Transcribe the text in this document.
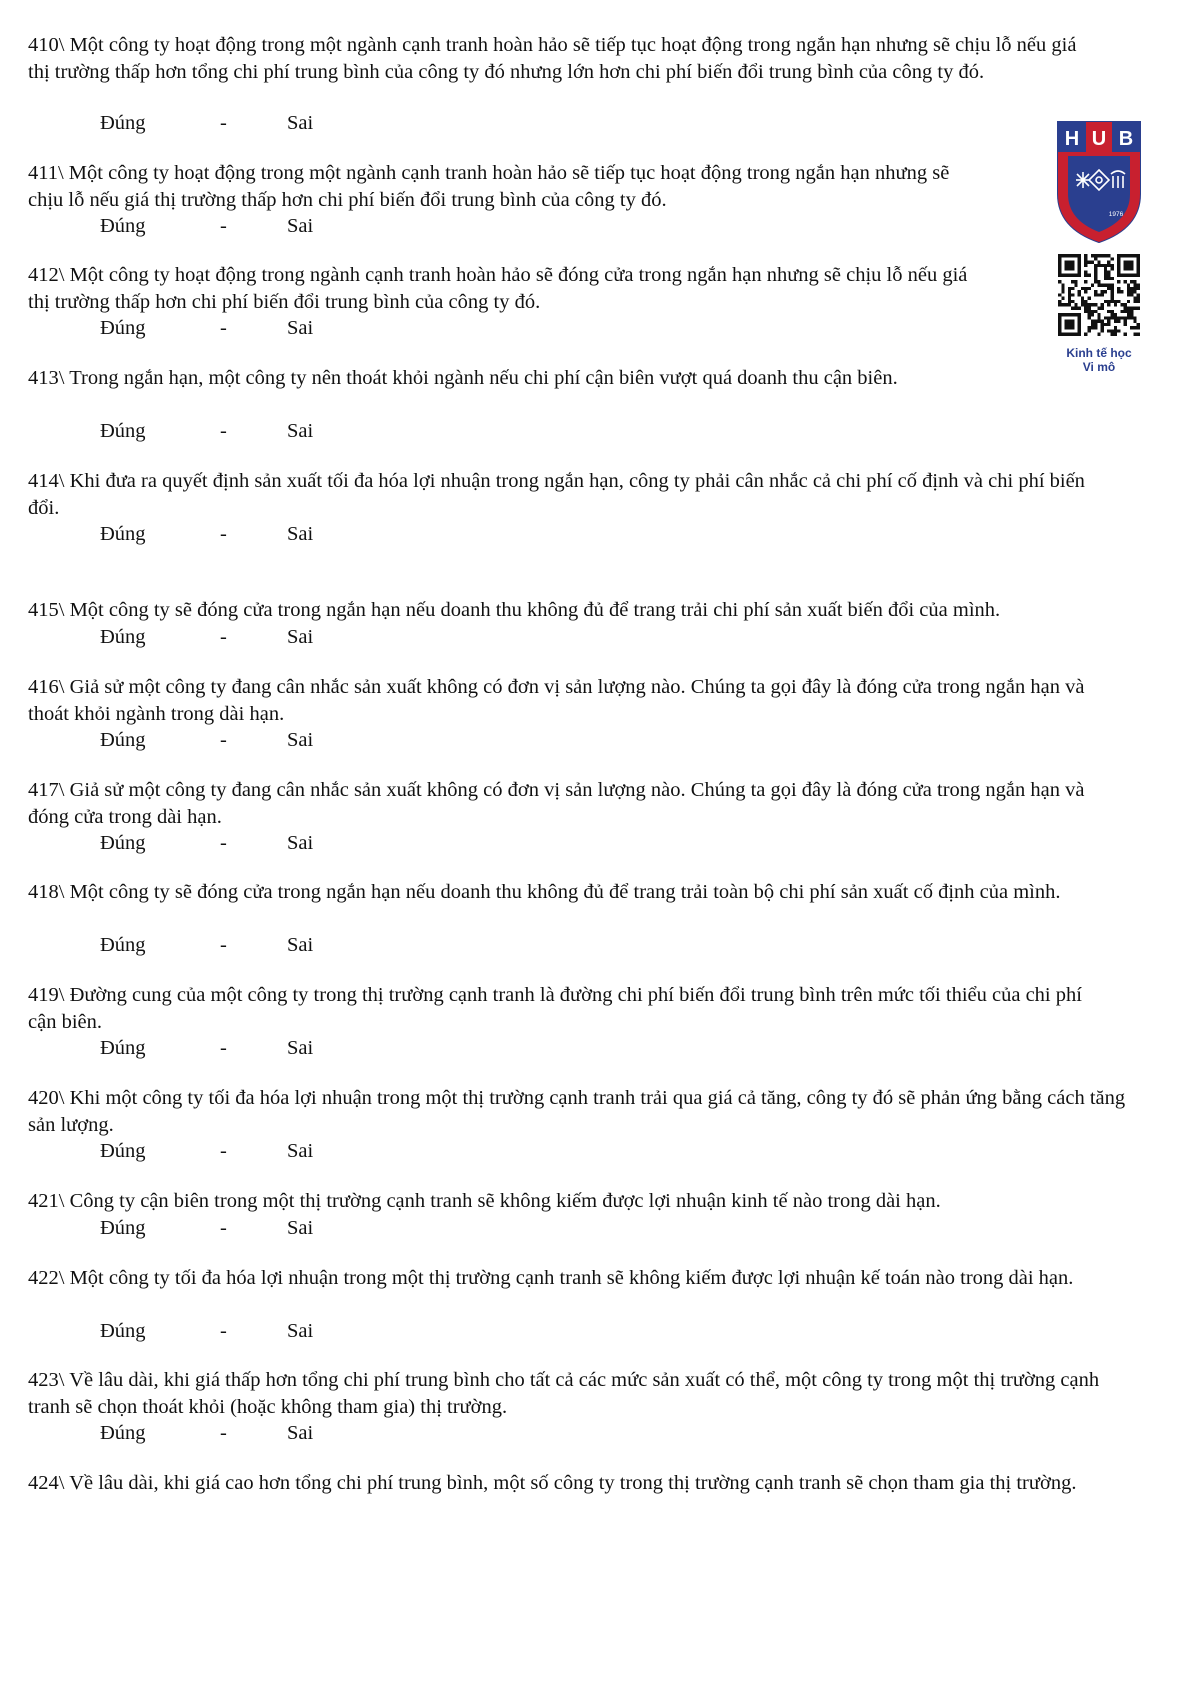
410\ Một công ty hoạt động trong một ngành cạnh tranh hoàn hảo sẽ tiếp tục hoạt động trong ngắn hạn nhưng sẽ chịu lỗ nếu giá thị trường thấp hơn tổng chi phí trung bình của công ty đó nhưng lớn hơn chi phí biến đổi trung bình của công ty đó.

Đúng	-	Sai

411\ Một công ty hoạt động trong một ngành cạnh tranh hoàn hảo sẽ tiếp tục hoạt động trong ngắn hạn nhưng sẽ chịu lỗ nếu giá thị trường thấp hơn chi phí biến đổi trung bình của công ty đó.

Đúng	-	Sai

412\ Một công ty hoạt động trong ngành cạnh tranh hoàn hảo sẽ đóng cửa trong ngắn hạn nhưng sẽ chịu lỗ nếu giá thị trường thấp hơn chi phí biến đổi trung bình của công ty đó.

Đúng	-	Sai

413\ Trong ngắn hạn, một công ty nên thoát khỏi ngành nếu chi phí cận biên vượt quá doanh thu cận biên.

Đúng	-	Sai

414\ Khi đưa ra quyết định sản xuất tối đa hóa lợi nhuận trong ngắn hạn, công ty phải cân nhắc cả chi phí cố định và chi phí biến đổi.

Đúng	-	Sai

415\ Một công ty sẽ đóng cửa trong ngắn hạn nếu doanh thu không đủ để trang trải chi phí sản xuất biến đổi của mình.

Đúng	-	Sai

416\ Giả sử một công ty đang cân nhắc sản xuất không có đơn vị sản lượng nào. Chúng ta gọi đây là đóng cửa trong ngắn hạn và thoát khỏi ngành trong dài hạn.

Đúng	-	Sai

417\ Giả sử một công ty đang cân nhắc sản xuất không có đơn vị sản lượng nào. Chúng ta gọi đây là đóng cửa trong ngắn hạn và đóng cửa trong dài hạn.

Đúng	-	Sai

418\ Một công ty sẽ đóng cửa trong ngắn hạn nếu doanh thu không đủ để trang trải toàn bộ chi phí sản xuất cố định của mình.

Đúng	-	Sai

419\ Đường cung của một công ty trong thị trường cạnh tranh là đường chi phí biến đổi trung bình trên mức tối thiểu của chi phí cận biên.

Đúng	-	Sai

420\ Khi một công ty tối đa hóa lợi nhuận trong một thị trường cạnh tranh trải qua giá cả tăng, công ty đó sẽ phản ứng bằng cách tăng sản lượng.

Đúng	-	Sai

421\ Công ty cận biên trong một thị trường cạnh tranh sẽ không kiếm được lợi nhuận kinh tế nào trong dài hạn.

Đúng	-	Sai

422\ Một công ty tối đa hóa lợi nhuận trong một thị trường cạnh tranh sẽ không kiếm được lợi nhuận kế toán nào trong dài hạn.

Đúng	-	Sai

423\ Về lâu dài, khi giá thấp hơn tổng chi phí trung bình cho tất cả các mức sản xuất có thể, một công ty trong một thị trường cạnh tranh sẽ chọn thoát khỏi (hoặc không tham gia) thị trường.

Đúng	-	Sai

424\ Về lâu dài, khi giá cao hơn tổng chi phí trung bình, một số công ty trong thị trường cạnh tranh sẽ chọn tham gia thị trường.

H U B
1976
Kinh tế học
Vi mô
